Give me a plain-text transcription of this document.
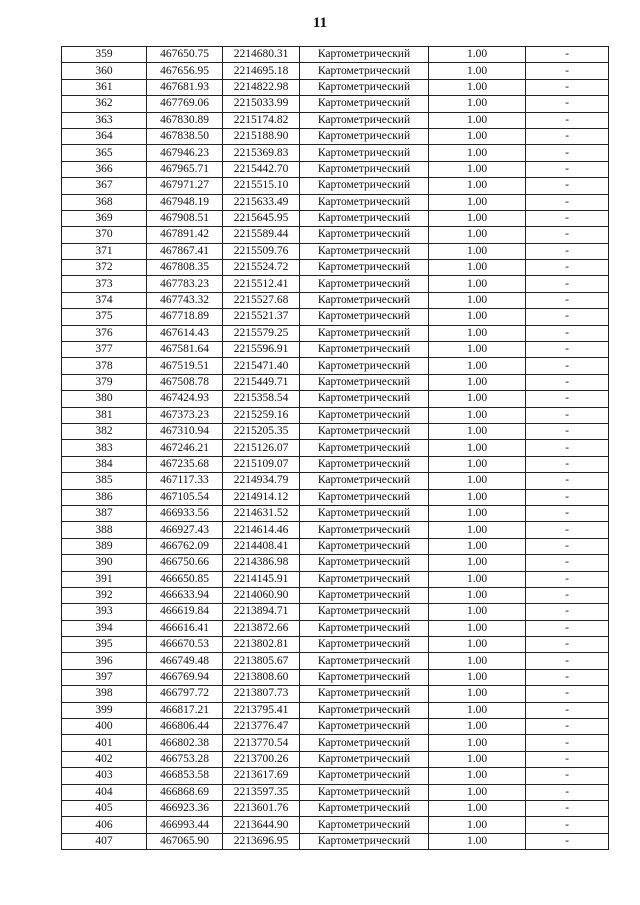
11
359	467650.75	2214680.31	Картометрический	1.00	-
360	467656.95	2214695.18	Картометрический	1.00	-
361	467681.93	2214822.98	Картометрический	1.00	-
362	467769.06	2215033.99	Картометрический	1.00	-
363	467830.89	2215174.82	Картометрический	1.00	-
364	467838.50	2215188.90	Картометрический	1.00	-
365	467946.23	2215369.83	Картометрический	1.00	-
366	467965.71	2215442.70	Картометрический	1.00	-
367	467971.27	2215515.10	Картометрический	1.00	-
368	467948.19	2215633.49	Картометрический	1.00	-
369	467908.51	2215645.95	Картометрический	1.00	-
370	467891.42	2215589.44	Картометрический	1.00	-
371	467867.41	2215509.76	Картометрический	1.00	-
372	467808.35	2215524.72	Картометрический	1.00	-
373	467783.23	2215512.41	Картометрический	1.00	-
374	467743.32	2215527.68	Картометрический	1.00	-
375	467718.89	2215521.37	Картометрический	1.00	-
376	467614.43	2215579.25	Картометрический	1.00	-
377	467581.64	2215596.91	Картометрический	1.00	-
378	467519.51	2215471.40	Картометрический	1.00	-
379	467508.78	2215449.71	Картометрический	1.00	-
380	467424.93	2215358.54	Картометрический	1.00	-
381	467373.23	2215259.16	Картометрический	1.00	-
382	467310.94	2215205.35	Картометрический	1.00	-
383	467246.21	2215126.07	Картометрический	1.00	-
384	467235.68	2215109.07	Картометрический	1.00	-
385	467117.33	2214934.79	Картометрический	1.00	-
386	467105.54	2214914.12	Картометрический	1.00	-
387	466933.56	2214631.52	Картометрический	1.00	-
388	466927.43	2214614.46	Картометрический	1.00	-
389	466762.09	2214408.41	Картометрический	1.00	-
390	466750.66	2214386.98	Картометрический	1.00	-
391	466650.85	2214145.91	Картометрический	1.00	-
392	466633.94	2214060.90	Картометрический	1.00	-
393	466619.84	2213894.71	Картометрический	1.00	-
394	466616.41	2213872.66	Картометрический	1.00	-
395	466670.53	2213802.81	Картометрический	1.00	-
396	466749.48	2213805.67	Картометрический	1.00	-
397	466769.94	2213808.60	Картометрический	1.00	-
398	466797.72	2213807.73	Картометрический	1.00	-
399	466817.21	2213795.41	Картометрический	1.00	-
400	466806.44	2213776.47	Картометрический	1.00	-
401	466802.38	2213770.54	Картометрический	1.00	-
402	466753.28	2213700.26	Картометрический	1.00	-
403	466853.58	2213617.69	Картометрический	1.00	-
404	466868.69	2213597.35	Картометрический	1.00	-
405	466923.36	2213601.76	Картометрический	1.00	-
406	466993.44	2213644.90	Картометрический	1.00	-
407	467065.90	2213696.95	Картометрический	1.00	-
